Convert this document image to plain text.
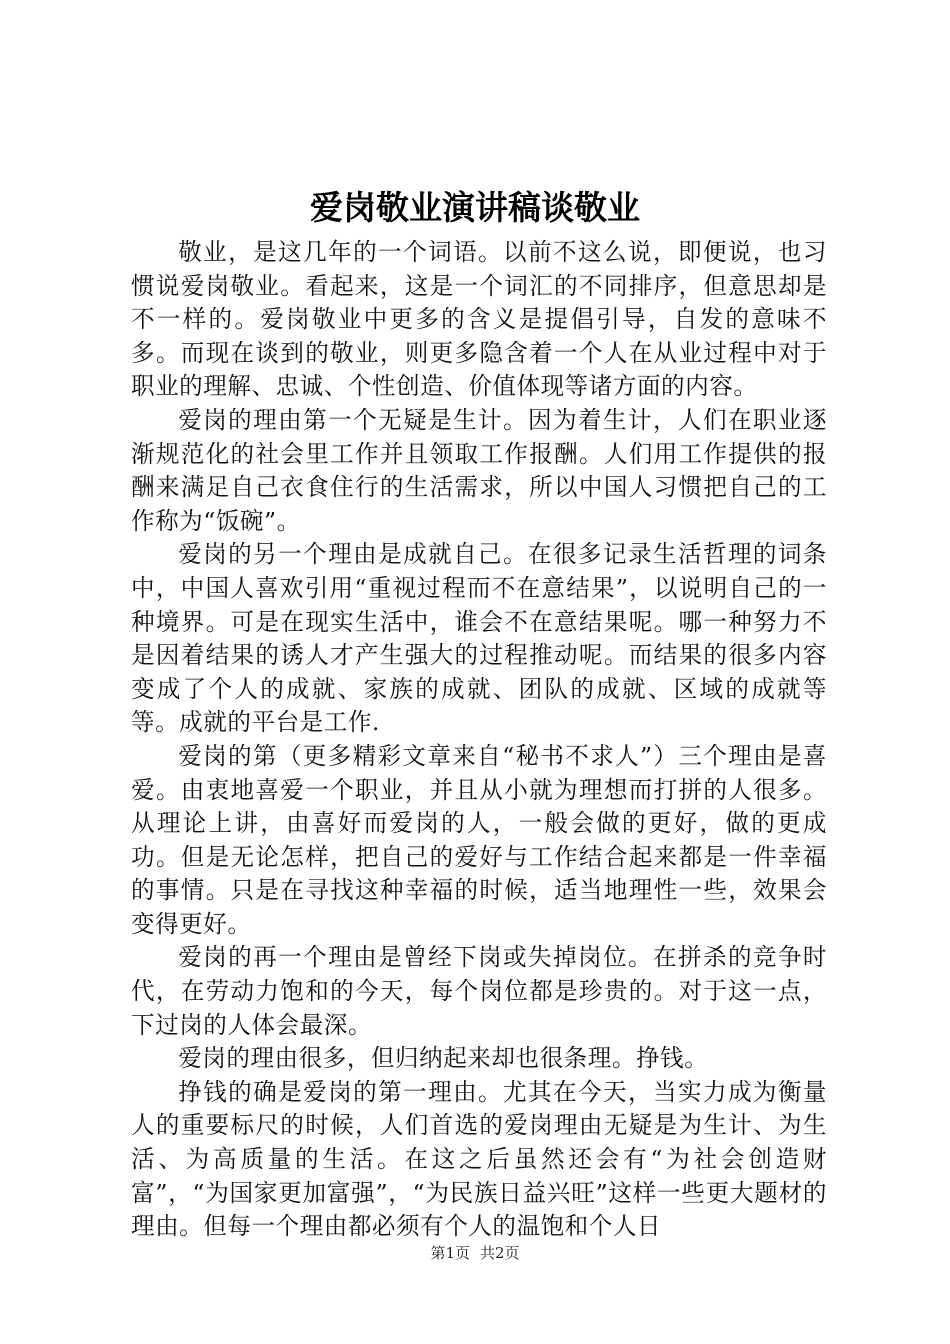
爱岗敬业演讲稿谈敬业

敬业，是这几年的一个词语。以前不这么说，即便说，也习惯说爱岗敬业。看起来，这是一个词汇的不同排序，但意思却是不一样的。爱岗敬业中更多的含义是提倡引导，自发的意味不多。而现在谈到的敬业，则更多隐含着一个人在从业过程中对于职业的理解、忠诚、个性创造、价值体现等诸方面的内容。

爱岗的理由第一个无疑是生计。因为着生计，人们在职业逐渐规范化的社会里工作并且领取工作报酬。人们用工作提供的报酬来满足自己衣食住行的生活需求，所以中国人习惯把自己的工作称为“饭碗”。

爱岗的另一个理由是成就自己。在很多记录生活哲理的词条中，中国人喜欢引用“重视过程而不在意结果”，以说明自己的一种境界。可是在现实生活中，谁会不在意结果呢。哪一种努力不是因着结果的诱人才产生强大的过程推动呢。而结果的很多内容变成了个人的成就、家族的成就、团队的成就、区域的成就等等。成就的平台是工作.

爱岗的第（更多精彩文章来自“秘书不求人”）三个理由是喜爱。由衷地喜爱一个职业，并且从小就为理想而打拼的人很多。从理论上讲，由喜好而爱岗的人，一般会做的更好，做的更成功。但是无论怎样，把自己的爱好与工作结合起来都是一件幸福的事情。只是在寻找这种幸福的时候，适当地理性一些，效果会变得更好。

爱岗的再一个理由是曾经下岗或失掉岗位。在拼杀的竞争时代，在劳动力饱和的今天，每个岗位都是珍贵的。对于这一点，下过岗的人体会最深。

爱岗的理由很多，但归纳起来却也很条理。挣钱。

挣钱的确是爱岗的第一理由。尤其在今天，当实力成为衡量人的重要标尺的时候，人们首选的爱岗理由无疑是为生计、为生活、为高质量的生活。在这之后虽然还会有“为社会创造财富”，“为国家更加富强”，“为民族日益兴旺”这样一些更大题材的理由。但每一个理由都必须有个人的温饱和个人日

第1页 共2页
